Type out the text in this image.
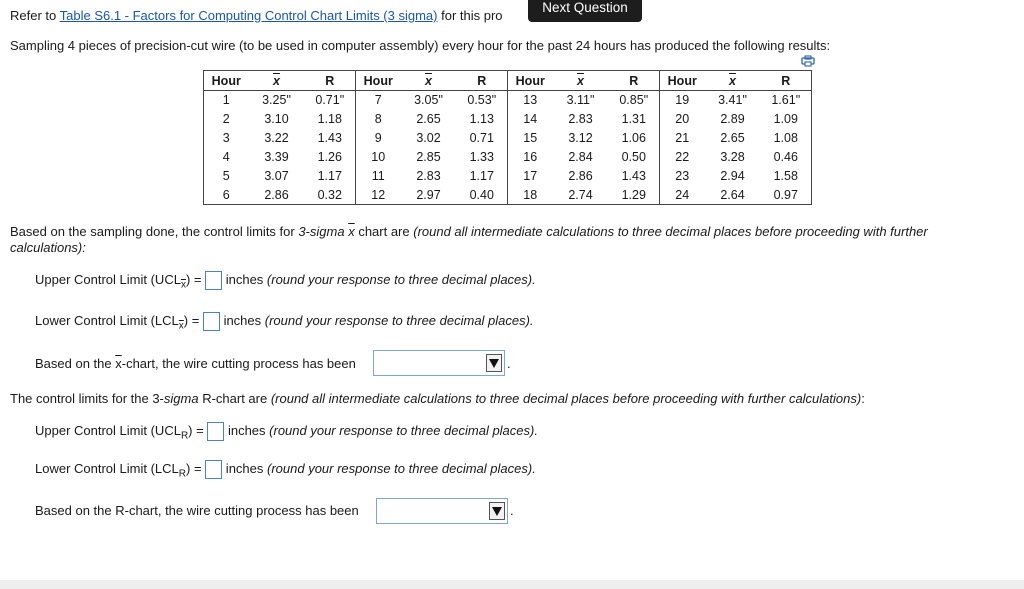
Refer to Table S6.1 - Factors for Computing Control Chart Limits (3 sigma) for this pro
Next Question
Sampling 4 pieces of precision-cut wire (to be used in computer assembly) every hour for the past 24 hours has produced the following results:
Hour	$\overline{x}$	R	Hour	$\overline{x}$	R	Hour	$\overline{x}$	R	Hour	$\overline{x}$	R
1	3.25"	0.71"	7	3.05"	0.53"	13	3.11"	0.85"	19	3.41"	1.61"
2	3.10	1.18	8	2.65	1.13	14	2.83	1.31	20	2.89	1.09
3	3.22	1.43	9	3.02	0.71	15	3.12	1.06	21	2.65	1.08
4	3.39	1.26	10	2.85	1.33	16	2.84	0.50	22	3.28	0.46
5	3.07	1.17	11	2.83	1.17	17	2.86	1.43	23	2.94	1.58
6	2.86	0.32	12	2.97	0.40	18	2.74	1.29	24	2.64	0.97
Based on the sampling done, the control limits for 3-sigma $\overline{x}$ chart are (round all intermediate calculations to three decimal places before proceeding with further
calculations):
Upper Control Limit $(UCL_{\overline{x}})$ =  inches (round your response to three decimal places).
Lower Control Limit $(LCL_{\overline{x}})$ =  inches (round your response to three decimal places).
Based on the $\overline{x}$-chart, the wire cutting process has been	.
The control limits for the 3-sigma R-chart are (round all intermediate calculations to three decimal places before proceeding with further calculations):
Upper Control Limit $(UCL_R)$ =  inches (round your response to three decimal places).
Lower Control Limit $(LCL_R)$ =  inches (round your response to three decimal places).
Based on the R-chart, the wire cutting process has been	.
